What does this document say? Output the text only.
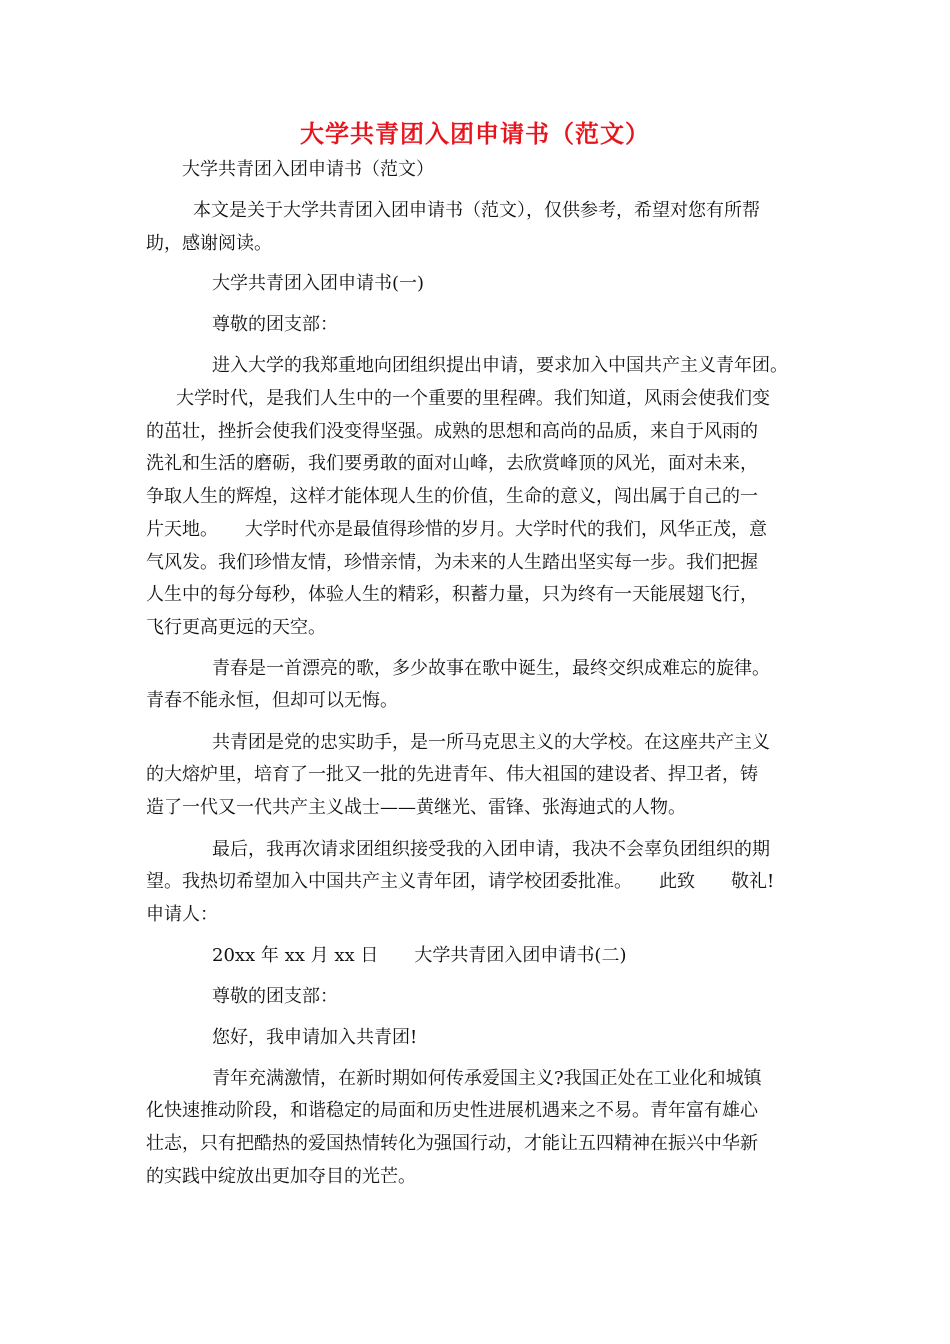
大学共青团入团申请书（范文）
大学共青团入团申请书（范文）
本文是关于大学共青团入团申请书（范文），仅供参考，希望对您有所帮
助，感谢阅读。
大学共青团入团申请书(一)
尊敬的团支部：
进入大学的我郑重地向团组织提出申请，要求加入中国共产主义青年团。
大学时代，是我们人生中的一个重要的里程碑。我们知道，风雨会使我们变
的茁壮，挫折会使我们没变得坚强。成熟的思想和高尚的品质，来自于风雨的
洗礼和生活的磨砺，我们要勇敢的面对山峰，去欣赏峰顶的风光，面对未来，
争取人生的辉煌，这样才能体现人生的价值，生命的意义，闯出属于自己的一
片天地。　　大学时代亦是最值得珍惜的岁月。大学时代的我们，风华正茂，意
气风发。我们珍惜友情，珍惜亲情，为未来的人生踏出坚实每一步。我们把握
人生中的每分每秒，体验人生的精彩，积蓄力量，只为终有一天能展翅飞行，
飞行更高更远的天空。
青春是一首漂亮的歌，多少故事在歌中诞生，最终交织成难忘的旋律。
青春不能永恒，但却可以无悔。
共青团是党的忠实助手，是一所马克思主义的大学校。在这座共产主义
的大熔炉里，培育了一批又一批的先进青年、伟大祖国的建设者、捍卫者，铸
造了一代又一代共产主义战士——黄继光、雷锋、张海迪式的人物。
最后，我再次请求团组织接受我的入团申请，我决不会辜负团组织的期
望。我热切希望加入中国共产主义青年团，请学校团委批准。　　此致　　敬礼!
申请人：
20xx 年 xx 月 xx 日　　大学共青团入团申请书(二)
尊敬的团支部：
您好，我申请加入共青团!
青年充满激情，在新时期如何传承爱国主义?我国正处在工业化和城镇
化快速推动阶段，和谐稳定的局面和历史性进展机遇来之不易。青年富有雄心
壮志，只有把酷热的爱国热情转化为强国行动，才能让五四精神在振兴中华新
的实践中绽放出更加夺目的光芒。
